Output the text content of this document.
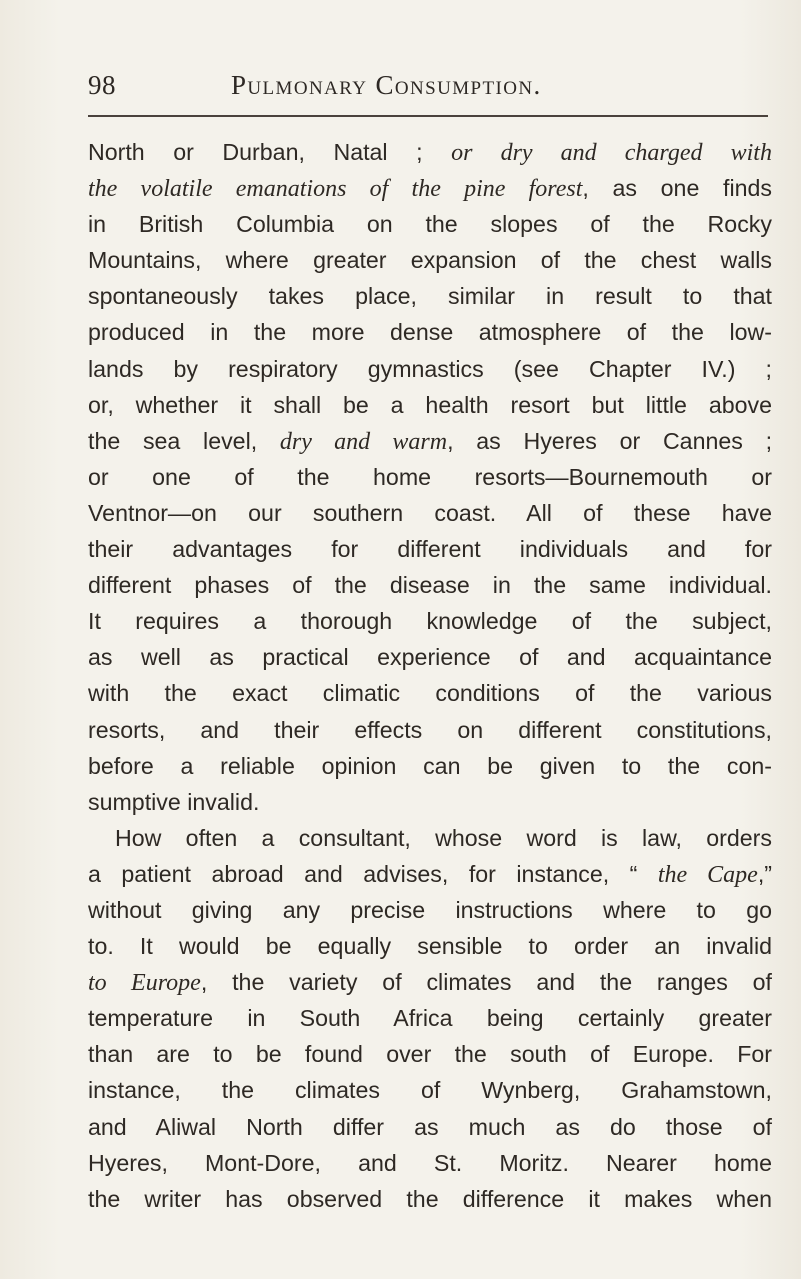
98	Pulmonary Consumption.
North or Durban, Natal ; or dry and charged with
the volatile emanations of the pine forest, as one finds
in British Columbia on the slopes of the Rocky
Mountains, where greater expansion of the chest walls
spontaneously takes place, similar in result to that
produced in the more dense atmosphere of the low-
lands by respiratory gymnastics (see Chapter IV.) ;
or, whether it shall be a health resort but little above
the sea level, dry and warm, as Hyeres or Cannes ;
or one of the home resorts—Bournemouth or
Ventnor—on our southern coast. All of these have
their advantages for different individuals and for
different phases of the disease in the same individual.
It requires a thorough knowledge of the subject,
as well as practical experience of and acquaintance
with the exact climatic conditions of the various
resorts, and their effects on different constitutions,
before a reliable opinion can be given to the con-
sumptive invalid.
How often a consultant, whose word is law, orders
a patient abroad and advises, for instance, “ the Cape,”
without giving any precise instructions where to go
to. It would be equally sensible to order an invalid
to Europe, the variety of climates and the ranges of
temperature in South Africa being certainly greater
than are to be found over the south of Europe. For
instance, the climates of Wynberg, Grahamstown,
and Aliwal North differ as much as do those of
Hyeres, Mont-Dore, and St. Moritz. Nearer home
the writer has observed the difference it makes when
